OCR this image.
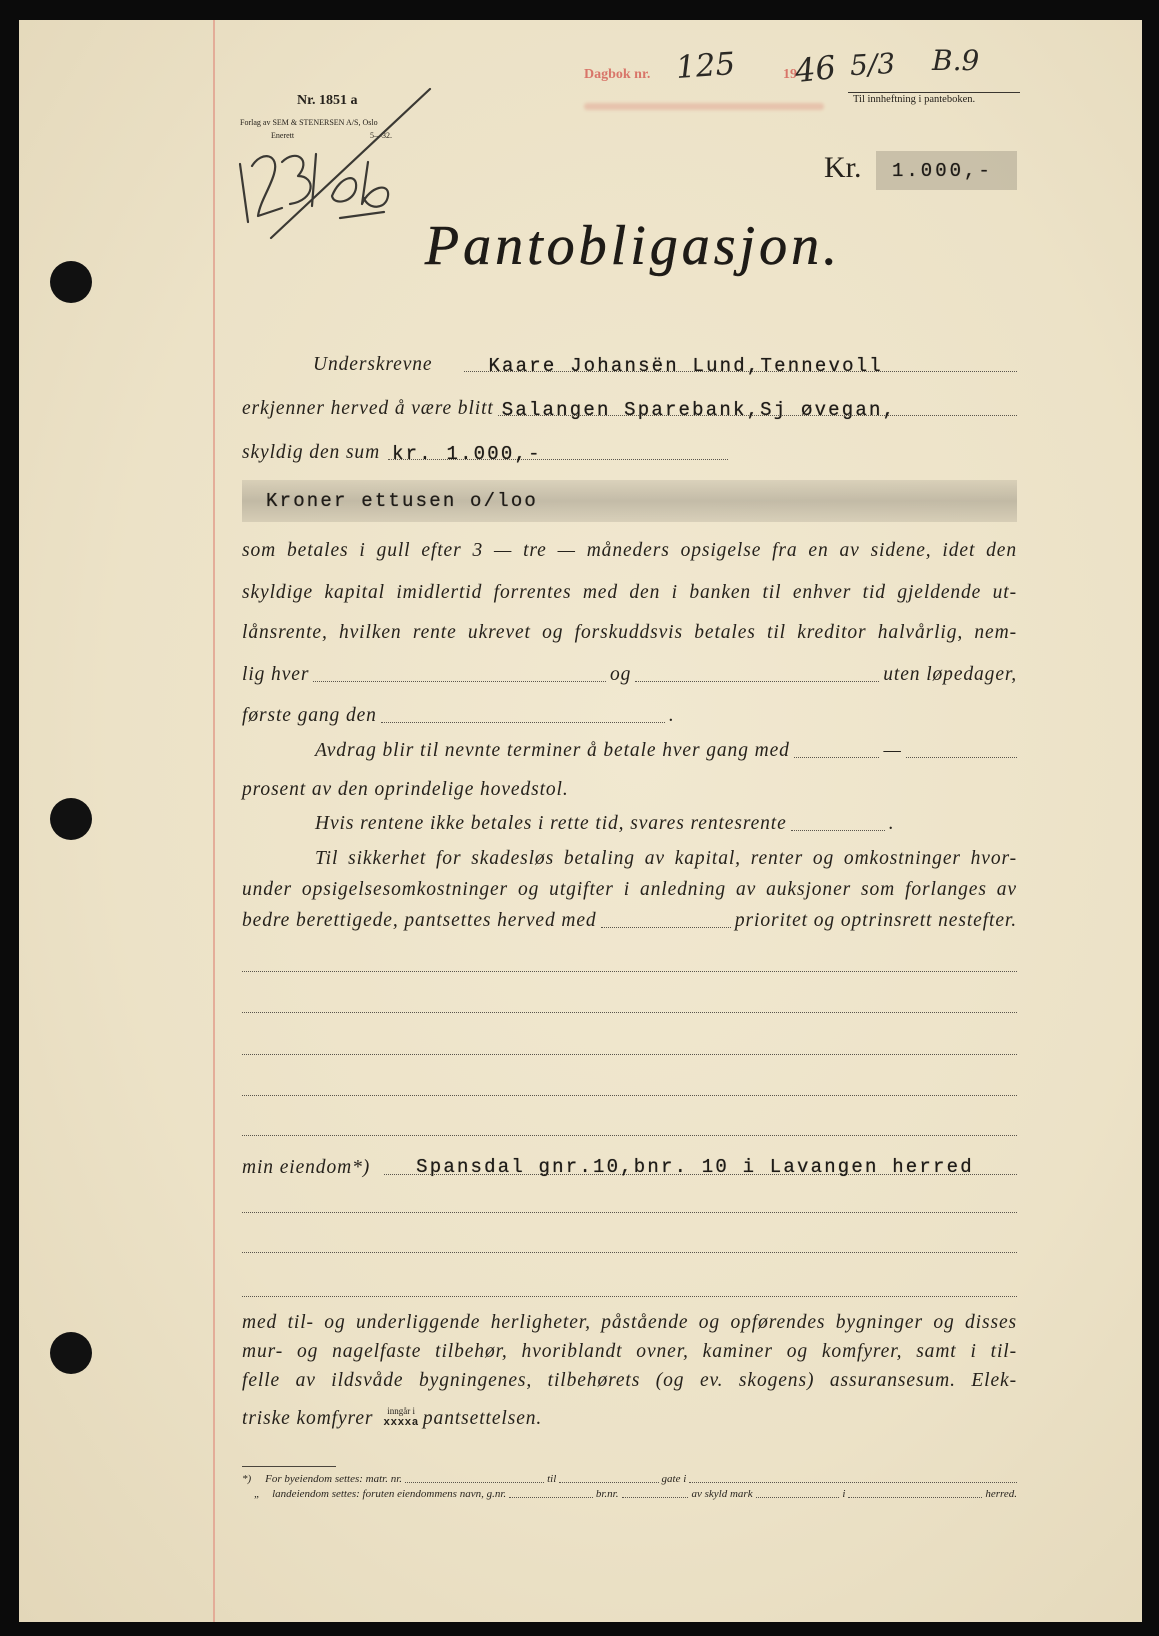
Nr. 1851 a
Forlag av SEM & STENERSEN A/S, Oslo
Enerett	5—32.
Dagbok nr. 125	19
46 5/3 B.9
Til innheftning i panteboken.
Kr. 1.000,-
Pantobligasjon.
Underskrevne	Kaare Johansën Lund,Tennevoll
erkjenner herved å være blitt Salangen Sparebank,Sj øvegan,
skyldig den sum kr. 1.000,-
Kroner ettusen o/loo
som betales i gull efter 3 — tre — måneders opsigelse fra en av sidene, idet den
skyldige kapital imidlertid forrentes med den i banken til enhver tid gjeldende ut-
lånsrente, hvilken rente ukrevet og forskuddsvis betales til kreditor halvårlig, nem-
lig hver	og	uten løpedager,
første gang den	.
Avdrag blir til nevnte terminer å betale hver gang med	—
prosent av den oprindelige hovedstol.
Hvis rentene ikke betales i rette tid, svares rentesrente	.
Til sikkerhet for skadesløs betaling av kapital, renter og omkostninger hvor-
under opsigelsesomkostninger og utgifter i anledning av auksjoner som forlanges av
bedre berettigede, pantsettes herved med	prioritet og optrinsrett nestefter.
min eiendom*) Spansdal gnr.10,bnr. 10 i Lavangen herred
med til- og underliggende herligheter, påstående og opførendes bygninger og disses
mur- og nagelfaste tilbehør, hvoriblandt ovner, kaminer og komfyrer, samt i til-
felle av ildsvåde bygningenes, tilbehørets (og ev. skogens) assuransesum. Elek-
triske komfyrer inngår i
xxxxa pantsettelsen.
*) For byeiendom settes: matr. nr.	til	gate i
„ landeiendom settes: foruten eiendommens navn, g.nr.	br.nr.	av skyld mark	i	herred.
